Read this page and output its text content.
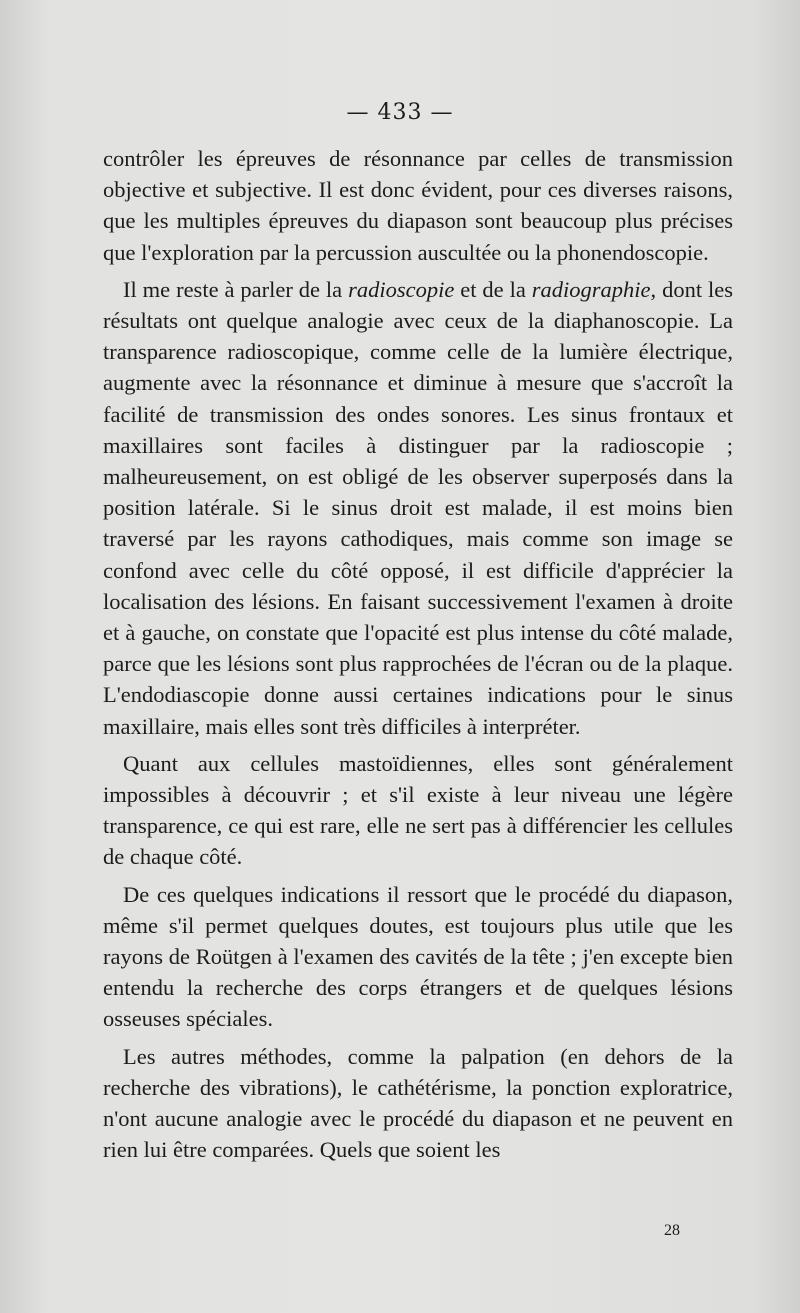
— 433 —

contrôler les épreuves de résonnance par celles de transmission objective et subjective. Il est donc évident, pour ces diverses raisons, que les multiples épreuves du diapason sont beaucoup plus précises que l'exploration par la percussion auscultée ou la phonendoscopie.

Il me reste à parler de la radioscopie et de la radiographie, dont les résultats ont quelque analogie avec ceux de la diaphanoscopie. La transparence radioscopique, comme celle de la lumière électrique, augmente avec la résonnance et diminue à mesure que s'accroît la facilité de transmission des ondes sonores. Les sinus frontaux et maxillaires sont faciles à distinguer par la radioscopie ; malheureusement, on est obligé de les observer superposés dans la position latérale. Si le sinus droit est malade, il est moins bien traversé par les rayons cathodiques, mais comme son image se confond avec celle du côté opposé, il est difficile d'apprécier la localisation des lésions. En faisant successivement l'examen à droite et à gauche, on constate que l'opacité est plus intense du côté malade, parce que les lésions sont plus rapprochées de l'écran ou de la plaque. L'endodiascopie donne aussi certaines indications pour le sinus maxillaire, mais elles sont très difficiles à interpréter.

Quant aux cellules mastoïdiennes, elles sont généralement impossibles à découvrir ; et s'il existe à leur niveau une légère transparence, ce qui est rare, elle ne sert pas à différencier les cellules de chaque côté.

De ces quelques indications il ressort que le procédé du diapason, même s'il permet quelques doutes, est toujours plus utile que les rayons de Roütgen à l'examen des cavités de la tête ; j'en excepte bien entendu la recherche des corps étrangers et de quelques lésions osseuses spéciales.

Les autres méthodes, comme la palpation (en dehors de la recherche des vibrations), le cathétérisme, la ponction exploratrice, n'ont aucune analogie avec le procédé du diapason et ne peuvent en rien lui être comparées. Quels que soient les

28
